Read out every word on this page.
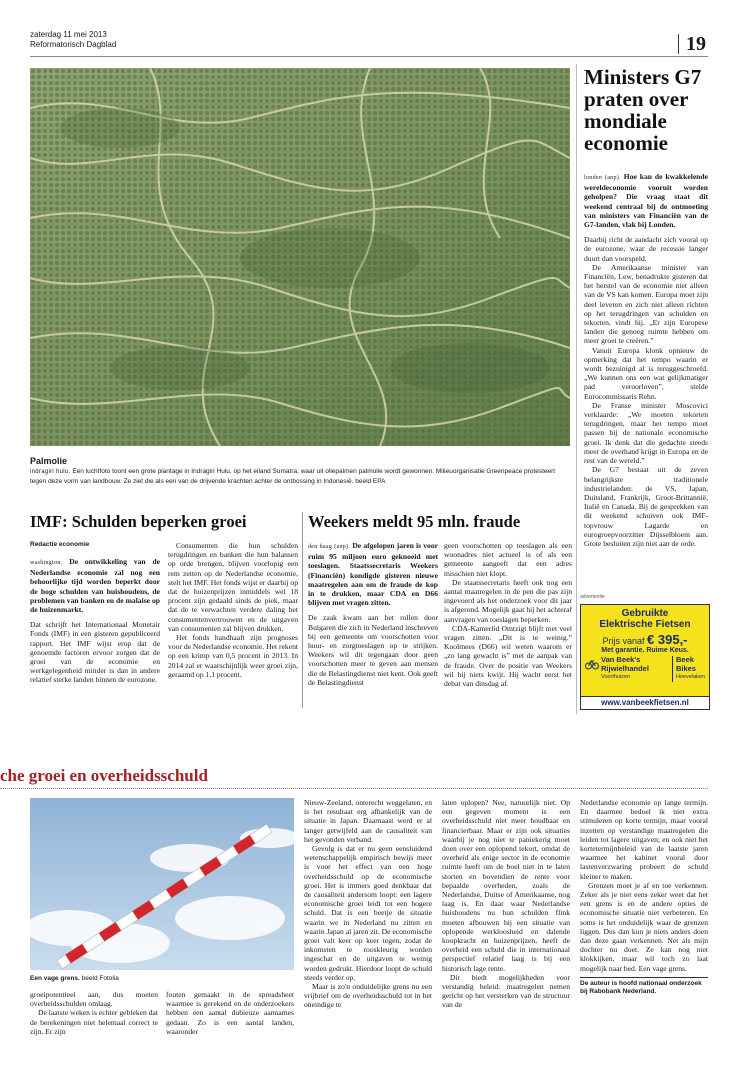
zaterdag 11 mei 2013
Reformatorisch Dagblad	19
Palmolie
indragiri hulu. Een luchtfoto toont een grote plantage in Indragiri Hulu, op het eiland Sumatra, waar uit oliepalmen palmolie wordt gewonnen. Milieuorganisatie Greenpeace protesteert tegen deze vorm van landbouw. Ze ziet die als een van de drijvende krachten achter de ontbossing in Indonesië. beeld EPA
Ministers G7 praten over mondiale economie

londen (anp). Hoe kan de kwakkelende wereldeconomie vooruit worden geholpen? Die vraag staat dit weekend centraal bij de ontmoeting van ministers van Financiën van de G7-landen, vlak bij Londen.

Daarbij richt de aandacht zich vooral op de eurozone, waar de recessie langer duurt dan voorspeld.

De Amerikaanse minister van Financiën, Lew, benadrukte gisteren dat het herstel van de economie niet alleen van de VS kan komen. Europa moet zijn deel leveren en zich niet alleen richten op het terugdringen van schulden en tekorten, vindt hij. „Er zijn Europese landen die genoeg ruimte hebben om meer groei te creëren.”

Vanuit Europa klonk opnieuw de opmerking dat het tempo waarin er wordt bezuinigd al is teruggeschroefd. „We kunnen ons een wat gelijkmatiger pad veroorloven”, stelde Eurocommissaris Rehn.

De Franse minister Moscovici verklaarde: „We moeten tekorten terugdringen, maar het tempo moet passen bij de nationale economische groei. Ik denk dat die gedachte steeds meer de overhand krijgt in Europa en de rest van de wereld.”

De G7 bestaat uit de zeven belangrijkste traditionele industrielanden: de VS, Japan, Duitsland, Frankrijk, Groot-Brittannië, Italië en Canada. Bij de gesprekken van dit weekend schuiven ook IMF-topvrouw Lagarde en eurogroepvoorzitter Dijsselbloem aan. Grote besluiten zijn niet aan de orde.

advertentie
Gebruikte
Elektrische Fietsen
Prijs vanaf € 395,-
Met garantie. Ruime Keus.
Van Beek's
Rijwielhandel
Voorthuizen
Beek
Bikes
Hoevelaken
www.vanbeekfietsen.nl
IMF: Schulden beperken groei
Redactie economie

washington. De ontwikkeling van de Nederlandse economie zal nog een behoorlijke tijd worden beperkt door de hoge schulden van huishoudens, de problemen van banken en de malaise op de huizenmarkt.

Dat schrijft het Internationaal Monetair Fonds (IMF) in een gisteren gepubliceerd rapport. Het IMF wijst erop dat de genoemde factoren ervoor zorgen dat de groei van de economie en werkgelegenheid minder is dan in andere relatief sterke landen binnen de eurozone.

Consumenten die hun schulden terugdringen en banken die hun balansen op orde brengen, blijven voorlopig een rem zetten op de Nederlandse economie, stelt het IMF. Het fonds wijst er daarbij op dat de huizenprijzen inmiddels wel 18 procent zijn gedaald sinds de piek, maar dat de te verwachten verdere daling het consumentenvertrouwen en de uitgaven van consumenten zal blijven drukken.

Het fonds handhaaft zijn prognoses voor de Nederlandse economie. Het rekent op een krimp van 0,5 procent in 2013. In 2014 zal er waarschijnlijk weer groei zijn, geraamd op 1,1 procent.

Weekers meldt 95 mln. fraude

den haag (anp). De afgelopen jaren is voor ruim 95 miljoen euro geknoeid met toeslagen. Staatssecretaris Weekers (Financiën) kondigde gisteren nieuwe maatregelen aan om de fraude de kop in te drukken, maar CDA en D66 blijven met vragen zitten.

De zaak kwam aan het rollen door Bulgaren die zich in Nederland inschreven bij een gemeente om voorschotten voor huur- en zorgtoeslagen op te strijken. Weekers wil dit tegengaan door geen voorschotten meer te geven aan mensen die de Belastingdienst niet kent. Ook geeft de Belastingdienst

geen voorschotten op toeslagen als een woonadres niet actueel is of als een gemeente aangeeft dat een adres misschien niet klopt.

De staatssecretaris heeft ook nog een aantal maatregelen in de pen die pas zijn ingevoerd als het onderzoek voor dit jaar is afgerond. Mogelijk gaat hij het achteraf aanvragen van toeslagen beperken.

CDA-Kamerlid Omtzigt blijft met veel vragen zitten. „Dit is te weinig.” Koolmees (D66) wil weten waarom er „zo lang gewacht is” met de aanpak van de fraude. Over de positie van Weekers wil hij niets kwijt. Hij wacht eerst het debat van dinsdag af.

che groei en overheidsschuld
Een vage grens. beeld Fotolia

groeipotentieel aan, dus moeten overheidsschulden omlaag.

De laatste weken is echter gebleken dat de berekeningen niet helemaal correct te zijn. Er zijn

fouten gemaakt in de spreadsheet waarmee is gerekend en de onderzoekers hebben een aantal dubieuze aannames gedaan. Zo is een aantal landen, waaronder

Nieuw-Zeeland, onterecht weggelaten, en is het resultaat erg afhankelijk van de situatie in Japan. Daarnaast werd er al langer getwijfeld aan de causaliteit van het gevonden verband.

Gevolg is dat er nu geen eensluidend wetenschappelijk empirisch bewijs meer is voor het effect van een hoge overheidsschuld op de economische groei. Het is immers goed denkbaar dat de causaliteit andersom loopt: een lagere economische groei leidt tot een hogere schuld. Dat is een beetje de situatie waarin we in Nederland nu zitten en waarin Japan al jaren zit. De economische groei valt keer op keer tegen, zodat de inkomsten te rooskleurig worden ingeschat en de uitgaven te weinig worden gedrukt. Hierdoor loopt de schuld steeds verder op.

Maar is zo'n onduidelijke grens nu een vrijbrief om de overheidsschuld tot in het oneindige te

laten oplopen? Nee, natuurlijk niet. Op een gegeven moment is een overheidsschuld niet meer houdbaar en financierbaar. Maar er zijn ook situaties waarbij je nog niet te paniekerig moet doen over een oplopend tekort, omdat de overheid als enige sector in de economie ruimte heeft om de boel niet in te laten storten en bovendien de rente voor bepaalde overheden, zoals de Nederlandse, Duitse of Amerikaanse, nog laag is. En daar waar Nederlandse huishoudens nu hun schulden flink moeten afbouwen bij een situatie van oplopende werkloosheid en dalende koopkracht en huizenprijzen, heeft de overheid een schuld die in internationaal perspectief relatief laag is bij een historisch lage rente.

Dit biedt mogelijkheden voor verstandig beleid: maatregelen nemen gericht op het versterken van de structuur van de

Nederlandse economie op lange termijn. En daarmee bedoel ik niet extra stimuleren op korte termijn, maar vooral inzetten op verstandige maatregelen die leiden tot lagere uitgaven; en ook niet het kortetermijnbeleid van de laatste jaren waarmee het kabinet vooral door lastenverzwaring probeert de schuld kleiner te maken.

Grenzen moet je af en toe verkennen. Zeker als je niet eens zeker weet dat het een grens is en de andere opties de economische situatie niet verbeteren. En soms is het onduidelijk waar de grenzen liggen. Dus dan kun je niets anders doen dan deze gaan verkennen. Net als mijn dochter nu doet. Ze kan nog niet klokkijken, maar wil toch zo laat mogelijk naar bed. Een vage grens.

De auteur is hoofd nationaal onderzoek bij Rabobank Nederland.
